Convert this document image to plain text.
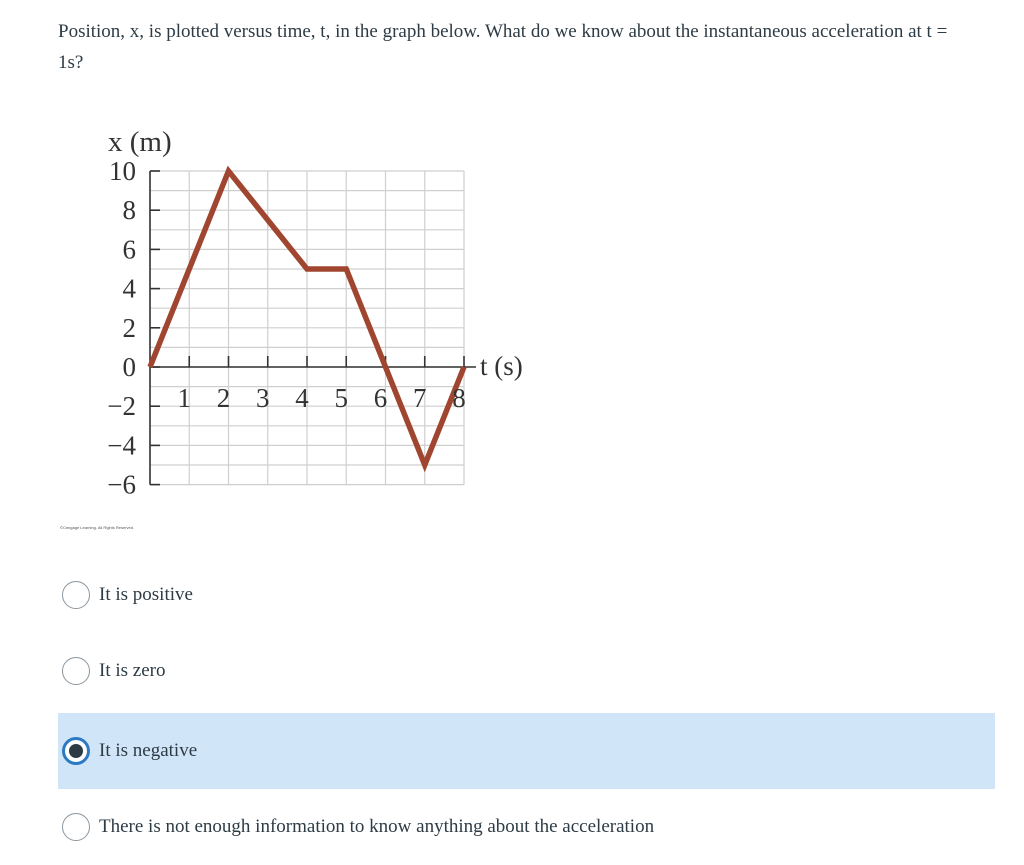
Position, x, is plotted versus time, t, in the graph below. What do we know about the instantaneous acceleration at t = 1s?
10
8
6
4
2
0
−2
−4
−6
1 2 3 4 5 6 7 8
x (m)
t (s)
©Cengage Learning. All Rights Reserved.
It is positive
It is zero
It is negative
There is not enough information to know anything about the acceleration
